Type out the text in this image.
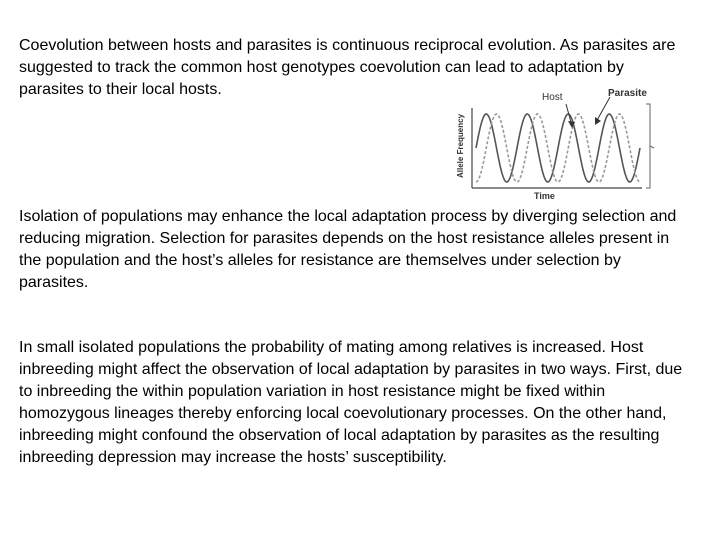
Coevolution between hosts and parasites is continuous reciprocal evolution. As parasites are suggested to track the common host genotypes coevolution can lead to adaptation by parasites to their local hosts.	Host	Parasite
Time
Allele Frequency

Isolation of populations may enhance the local adaptation process by diverging selection and reducing migration. Selection for parasites depends on the host resistance alleles present in the population and the host’s alleles for resistance are themselves under selection by parasites.

In small isolated populations the probability of mating among relatives is increased. Host inbreeding might affect the observation of local adaptation by parasites in two ways. First, due to inbreeding the within population variation in host resistance might be fixed within homozygous lineages thereby enforcing local coevolutionary processes. On the other hand, inbreeding might confound the observation of local adaptation by parasites as the resulting inbreeding depression may increase the hosts’ susceptibility.
